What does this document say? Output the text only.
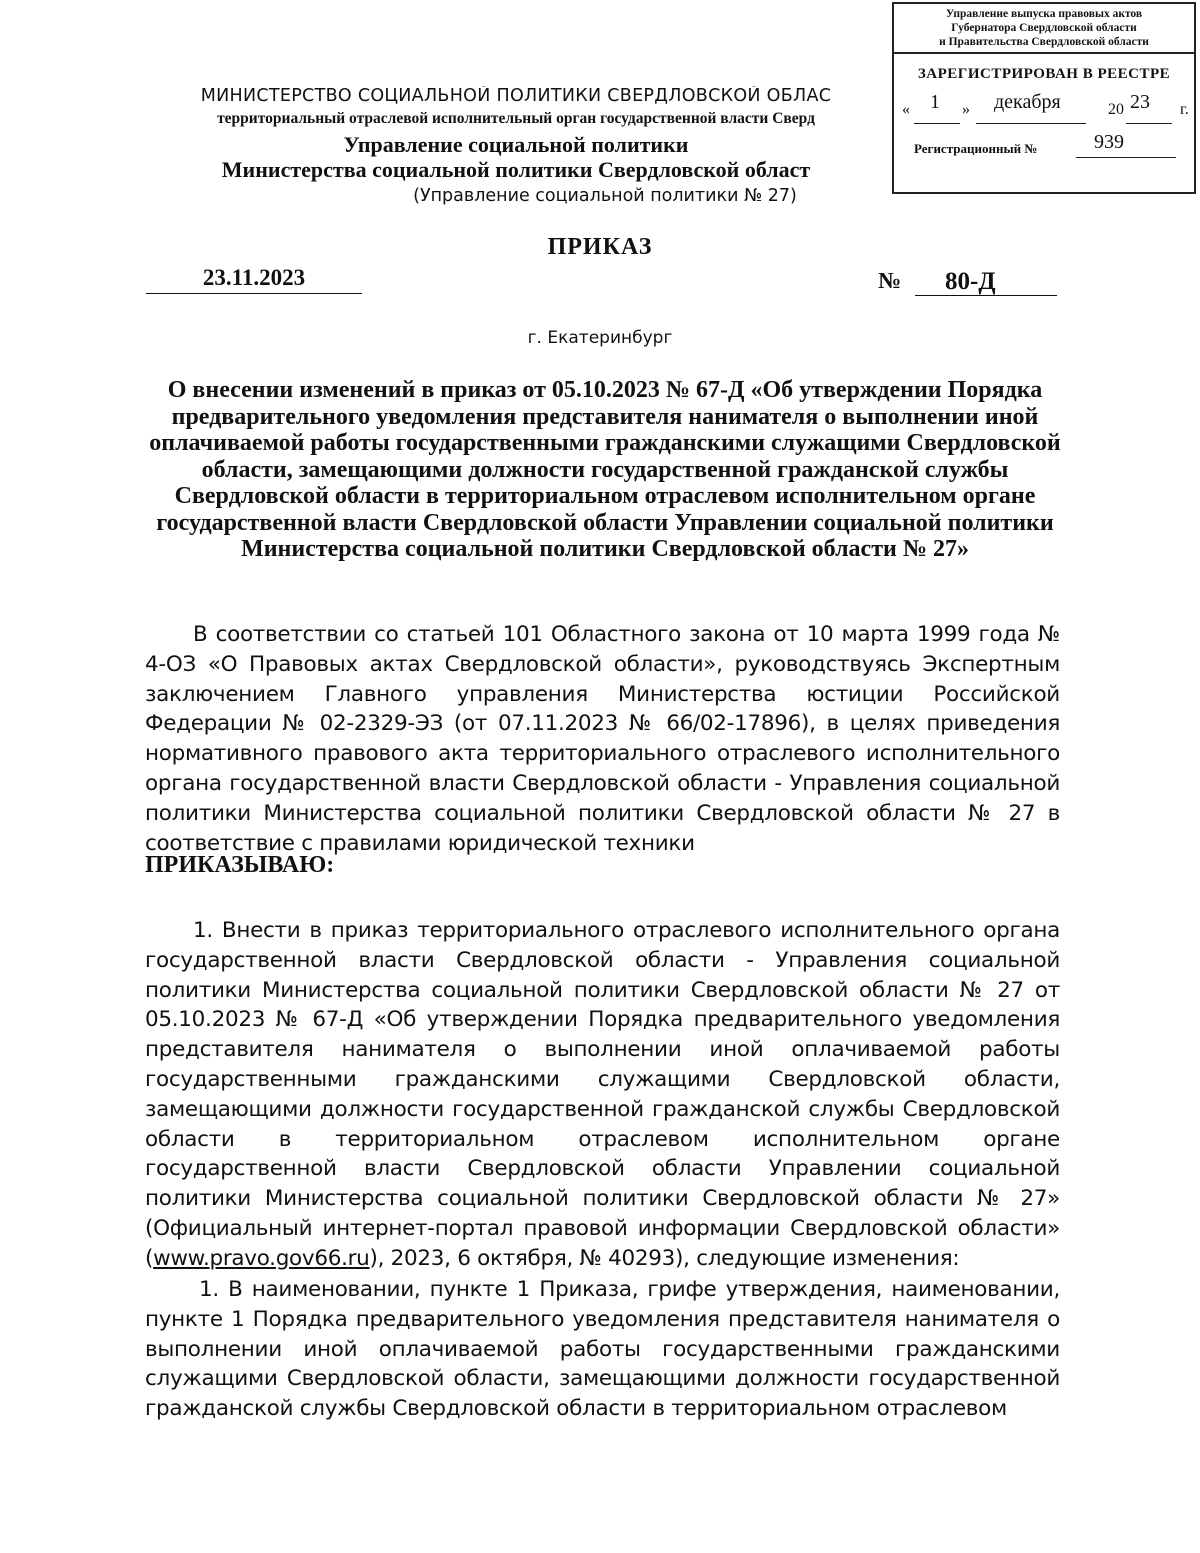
Управление выпуска правовых актов
Губернатора Свердловской области
и Правительства Свердловской области
ЗАРЕГИСТРИРОВАН В РЕЕСТРЕ
« 1 » декабря	20 23 г.
Регистрационный №	939
МИНИСТЕРСТВО СОЦИАЛЬНОЙ ПОЛИТИКИ СВЕРДЛОВСКОЙ ОБЛАС
территориальный отраслевой исполнительный орган государственной власти Сверд
Управление социальной политики
Министерства социальной политики Свердловской област
(Управление социальной политики № 27)
ПРИКАЗ
23.11.2023	№	80-Д
г. Екатеринбург
О внесении изменений в приказ от 05.10.2023 № 67-Д «Об утверждении Порядка предварительного уведомления представителя нанимателя о выполнении иной оплачиваемой работы государственными гражданскими служащими Свердловской области, замещающими должности государственной гражданской службы Свердловской области в территориальном отраслевом исполнительном органе государственной власти Свердловской области Управлении социальной политики Министерства социальной политики Свердловской области № 27»
В соответствии со статьей 101 Областного закона от 10 марта 1999 года № 4-ОЗ «О Правовых актах Свердловской области», руководствуясь Экспертным заключением Главного управления Министерства юстиции Российской Федерации № 02-2329-ЭЗ (от 07.11.2023 № 66/02-17896), в целях приведения нормативного правового акта территориального отраслевого исполнительного органа государственной власти Свердловской области - Управления социальной политики Министерства социальной политики Свердловской области № 27 в соответствие с правилами юридической техники
ПРИКАЗЫВАЮ:
1. Внести в приказ территориального отраслевого исполнительного органа государственной власти Свердловской области - Управления социальной политики Министерства социальной политики Свердловской области № 27 от 05.10.2023 № 67-Д «Об утверждении Порядка предварительного уведомления представителя нанимателя о выполнении иной оплачиваемой работы государственными гражданскими служащими Свердловской области, замещающими должности государственной гражданской службы Свердловской области в территориальном отраслевом исполнительном органе государственной власти Свердловской области Управлении социальной политики Министерства социальной политики Свердловской области № 27» (Официальный интернет-портал правовой информации Свердловской области» (www.pravo.gov66.ru), 2023, 6 октября, № 40293), следующие изменения:
1. В наименовании, пункте 1 Приказа, грифе утверждения, наименовании, пункте 1 Порядка предварительного уведомления представителя нанимателя о выполнении иной оплачиваемой работы государственными гражданскими служащими Свердловской области, замещающими должности государственной гражданской службы Свердловской области в территориальном отраслевом
